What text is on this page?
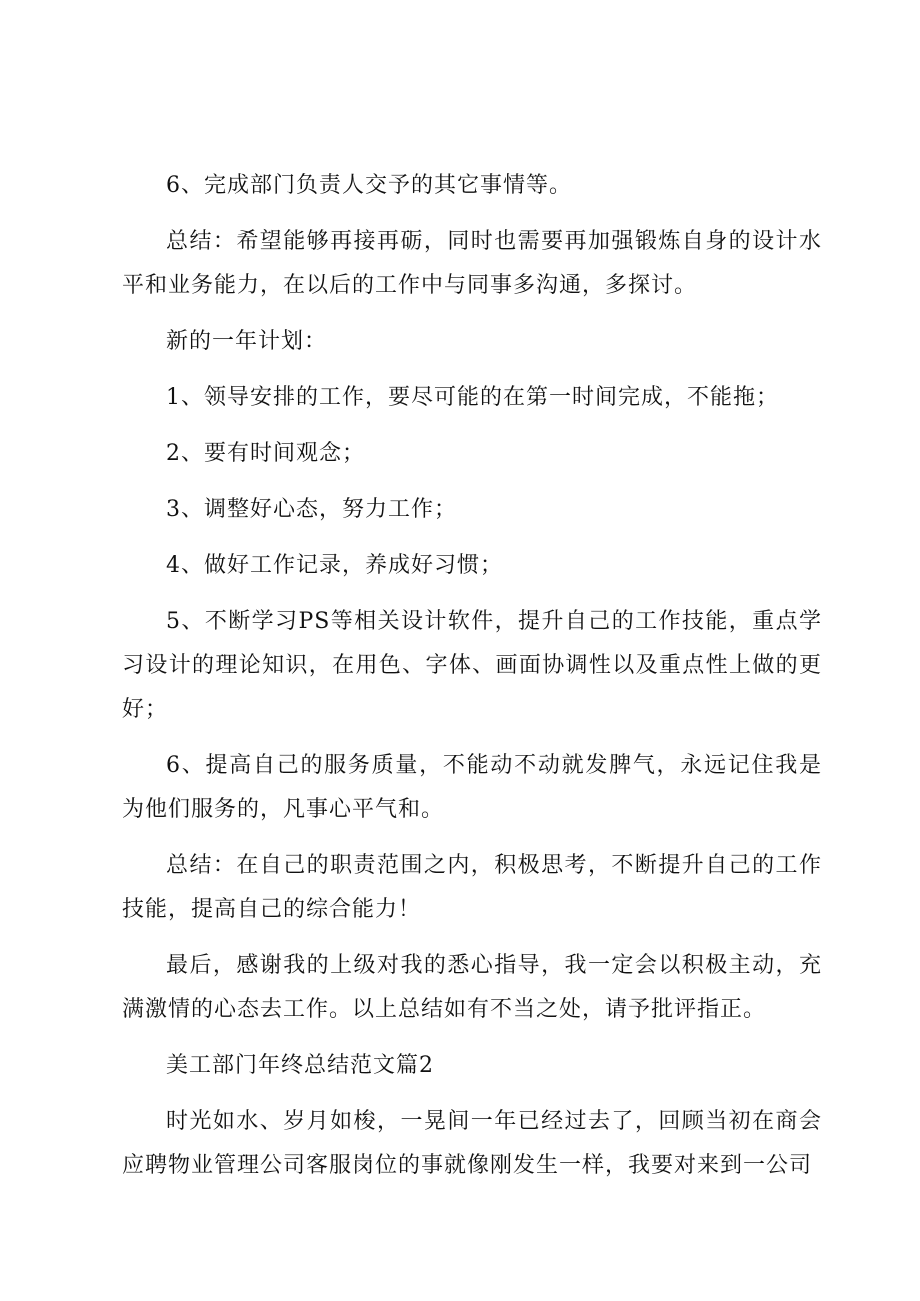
6、完成部门负责人交予的其它事情等。

总结：希望能够再接再砺，同时也需要再加强锻炼自身的设计水平和业务能力，在以后的工作中与同事多沟通，多探讨。

新的一年计划：

1、领导安排的工作，要尽可能的在第一时间完成，不能拖；

2、要有时间观念；

3、调整好心态，努力工作；

4、做好工作记录，养成好习惯；

5、不断学习PS等相关设计软件，提升自己的工作技能，重点学习设计的理论知识，在用色、字体、画面协调性以及重点性上做的更好；

6、提高自己的服务质量，不能动不动就发脾气，永远记住我是为他们服务的，凡事心平气和。

总结：在自己的职责范围之内，积极思考，不断提升自己的工作技能，提高自己的综合能力！

最后，感谢我的上级对我的悉心指导，我一定会以积极主动，充满激情的心态去工作。以上总结如有不当之处，请予批评指正。

美工部门年终总结范文篇2

时光如水、岁月如梭，一晃间一年已经过去了，回顾当初在商会应聘物业管理公司客服岗位的事就像刚发生一样，我要对来到一公司
